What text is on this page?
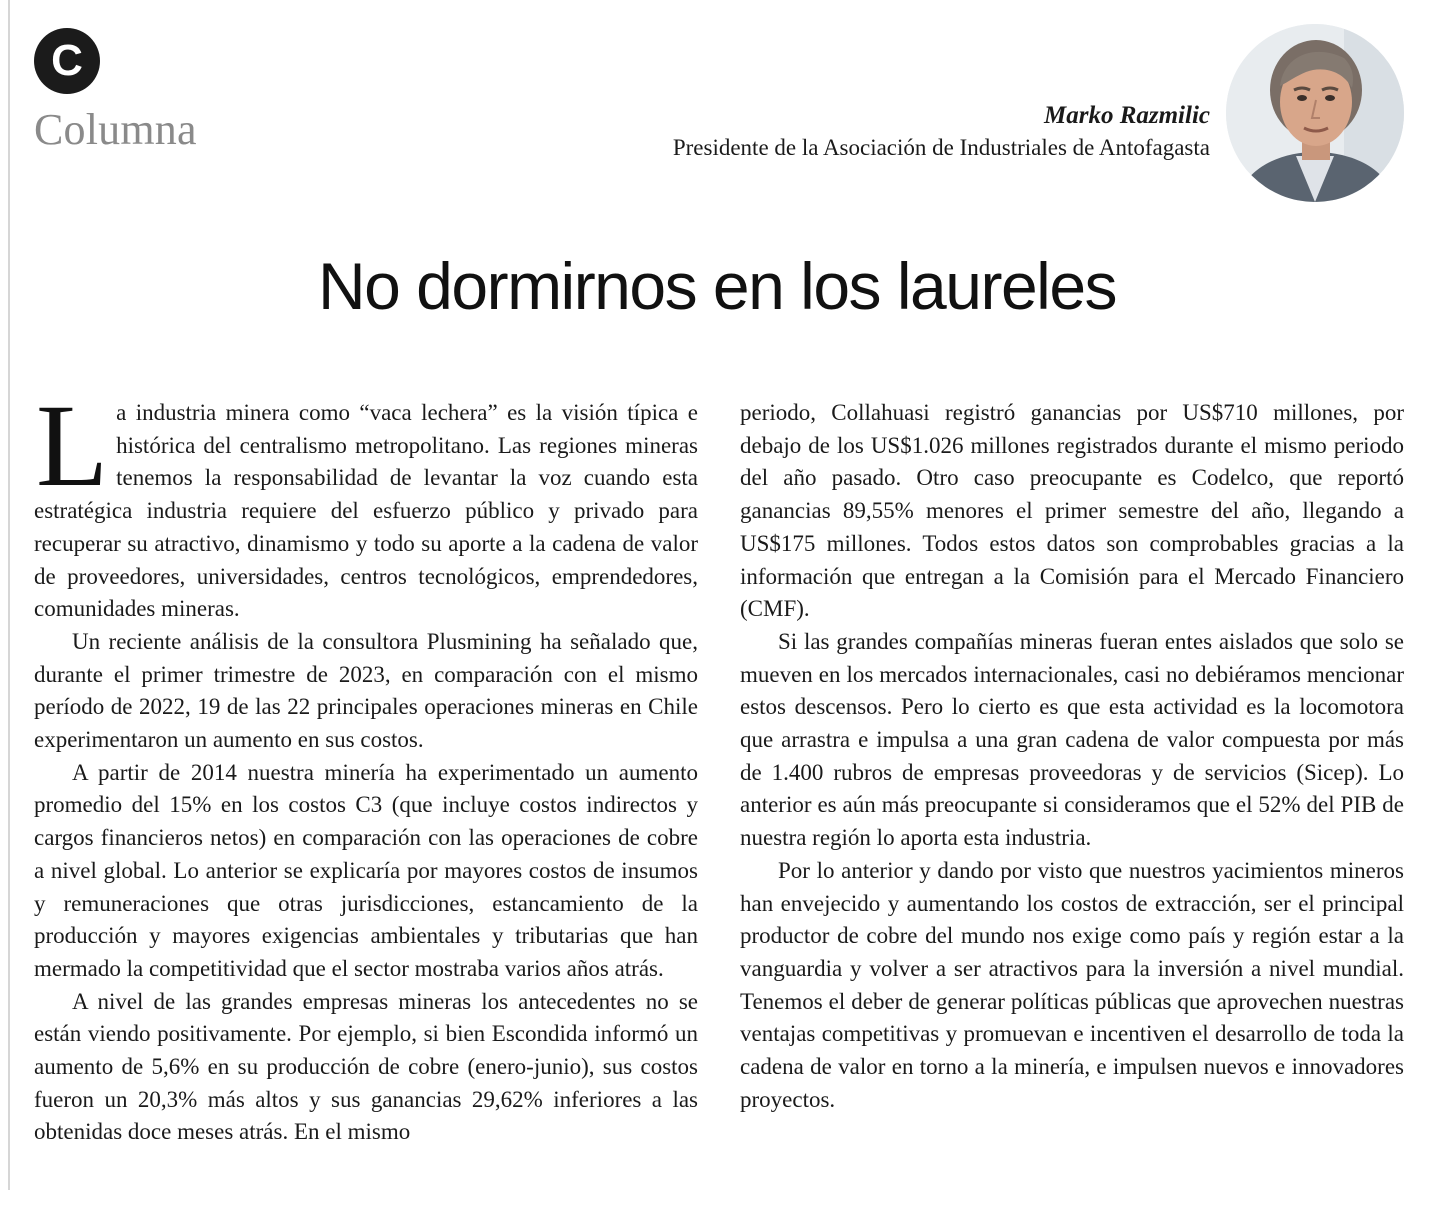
C
Columna	Marko Razmilic
Presidente de la Asociación de Industriales de Antofagasta
No dormirnos en los laureles

La industria minera como “vaca lechera” es la visión típica e histórica del centralismo metropolitano. Las regiones mineras tenemos la responsabilidad de levantar la voz cuando esta estratégica industria requiere del esfuerzo público y privado para recuperar su atractivo, dinamismo y todo su aporte a la cadena de valor de proveedores, universidades, centros tecnológicos, emprendedores, comunidades mineras.

Un reciente análisis de la consultora Plusmining ha señalado que, durante el primer trimestre de 2023, en comparación con el mismo período de 2022, 19 de las 22 principales operaciones mineras en Chile experimentaron un aumento en sus costos.

A partir de 2014 nuestra minería ha experimentado un aumento promedio del 15% en los costos C3 (que incluye costos indirectos y cargos financieros netos) en comparación con las operaciones de cobre a nivel global. Lo anterior se explicaría por mayores costos de insumos y remuneraciones que otras jurisdicciones, estancamiento de la producción y mayores exigencias ambientales y tributarias que han mermado la competitividad que el sector mostraba varios años atrás.

A nivel de las grandes empresas mineras los antecedentes no se están viendo positivamente. Por ejemplo, si bien Escondida informó un aumento de 5,6% en su producción de cobre (enero-junio), sus costos fueron un 20,3% más altos y sus ganancias 29,62% inferiores a las obtenidas doce meses atrás. En el mismo

periodo, Collahuasi registró ganancias por US$710 millones, por debajo de los US$1.026 millones registrados durante el mismo periodo del año pasado. Otro caso preocupante es Codelco, que reportó ganancias 89,55% menores el primer semestre del año, llegando a US$175 millones. Todos estos datos son comprobables gracias a la información que entregan a la Comisión para el Mercado Financiero (CMF).

Si las grandes compañías mineras fueran entes aislados que solo se mueven en los mercados internacionales, casi no debiéramos mencionar estos descensos. Pero lo cierto es que esta actividad es la locomotora que arrastra e impulsa a una gran cadena de valor compuesta por más de 1.400 rubros de empresas proveedoras y de servicios (Sicep). Lo anterior es aún más preocupante si consideramos que el 52% del PIB de nuestra región lo aporta esta industria.

Por lo anterior y dando por visto que nuestros yacimientos mineros han envejecido y aumentando los costos de extracción, ser el principal productor de cobre del mundo nos exige como país y región estar a la vanguardia y volver a ser atractivos para la inversión a nivel mundial. Tenemos el deber de generar políticas públicas que aprovechen nuestras ventajas competitivas y promuevan e incentiven el desarrollo de toda la cadena de valor en torno a la minería, e impulsen nuevos e innovadores proyectos.
